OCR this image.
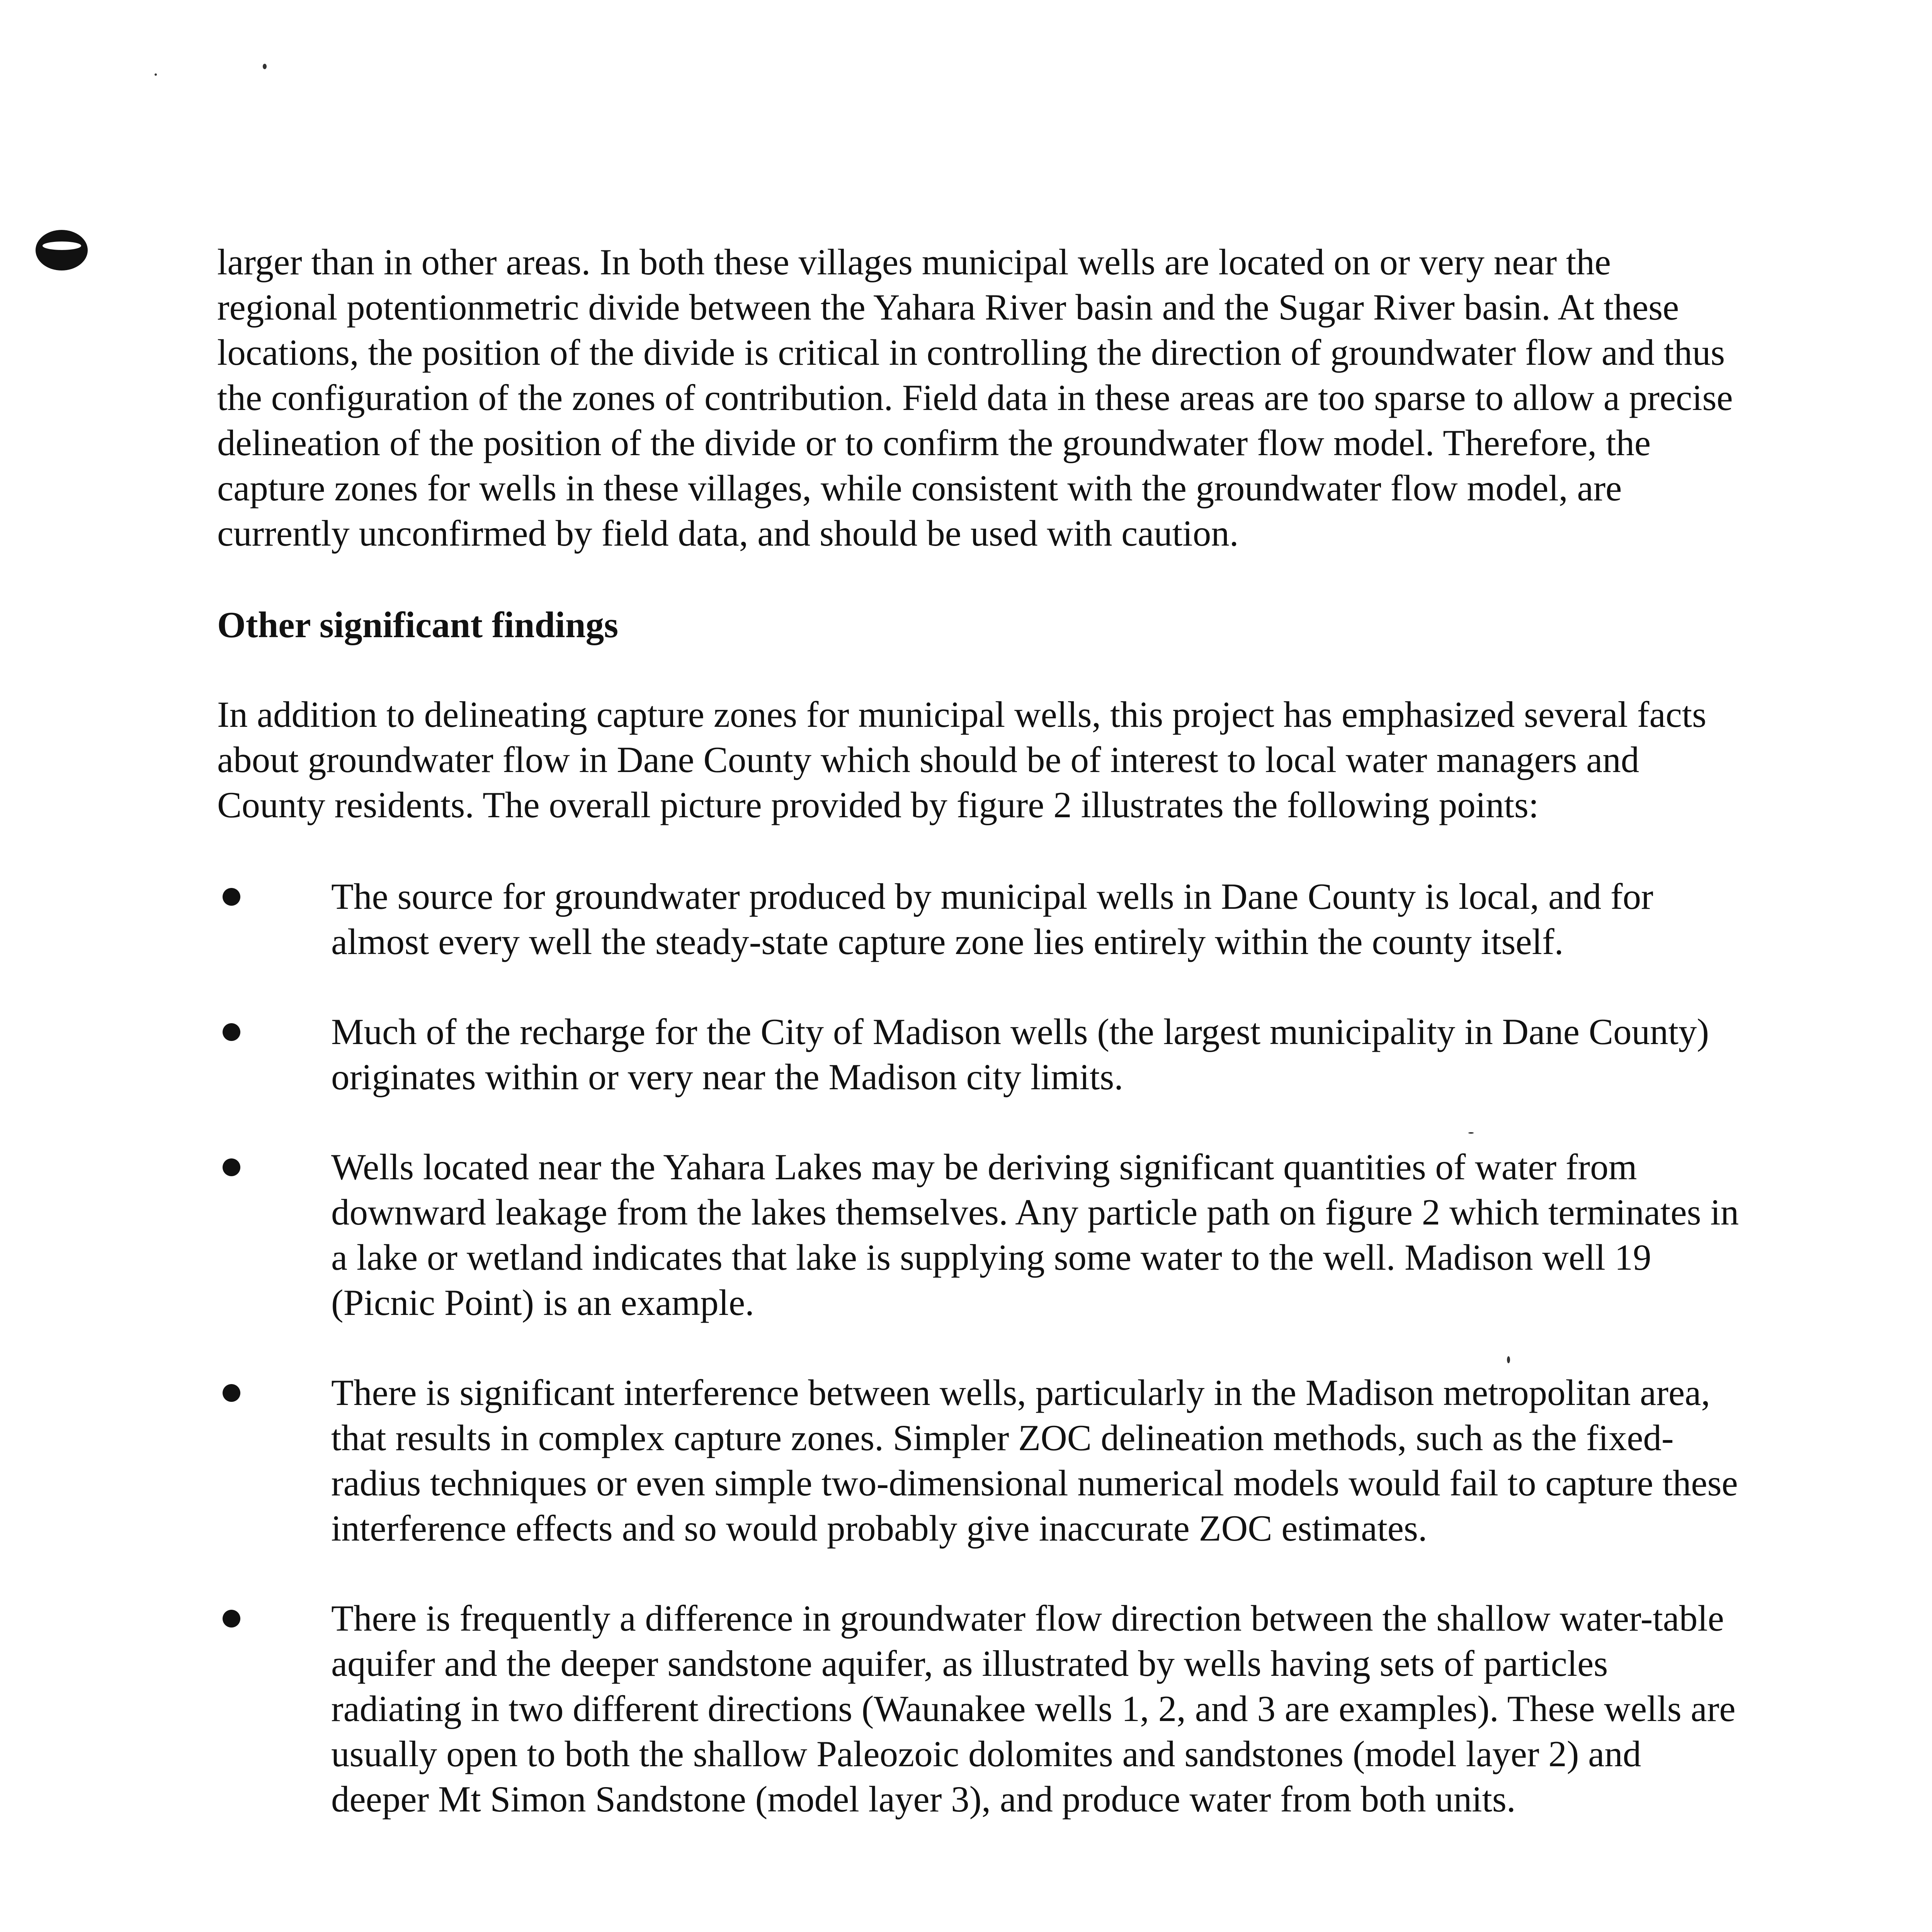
larger than in other areas. In both these villages municipal wells are located on or very near the regional potentionmetric divide between the Yahara River basin and the Sugar River basin. At these locations, the position of the divide is critical in controlling the direction of groundwater flow and thus the configuration of the zones of contribution. Field data in these areas are too sparse to allow a precise delineation of the position of the divide or to confirm the groundwater flow model. Therefore, the capture zones for wells in these villages, while consistent with the groundwater flow model, are currently unconfirmed by field data, and should be used with caution.

Other significant findings

In addition to delineating capture zones for municipal wells, this project has emphasized several facts about groundwater flow in Dane County which should be of interest to local water managers and County residents. The overall picture provided by figure 2 illustrates the following points:

The source for groundwater produced by municipal wells in Dane County is local, and for almost every well the steady-state capture zone lies entirely within the county itself.
Much of the recharge for the City of Madison wells (the largest municipality in Dane County) originates within or very near the Madison city limits.
Wells located near the Yahara Lakes may be deriving significant quantities of water from downward leakage from the lakes themselves. Any particle path on figure 2 which terminates in a lake or wetland indicates that lake is supplying some water to the well. Madison well 19 (Picnic Point) is an example.
There is significant interference between wells, particularly in the Madison metropolitan area, that results in complex capture zones. Simpler ZOC delineation methods, such as the fixed-radius techniques or even simple two-dimensional numerical models would fail to capture these interference effects and so would probably give inaccurate ZOC estimates.
There is frequently a difference in groundwater flow direction between the shallow water-table aquifer and the deeper sandstone aquifer, as illustrated by wells having sets of particles radiating in two different directions (Waunakee wells 1, 2, and 3 are examples). These wells are usually open to both the shallow Paleozoic dolomites and sandstones (model layer 2) and deeper Mt Simon Sandstone (model layer 3), and produce water from both units.
